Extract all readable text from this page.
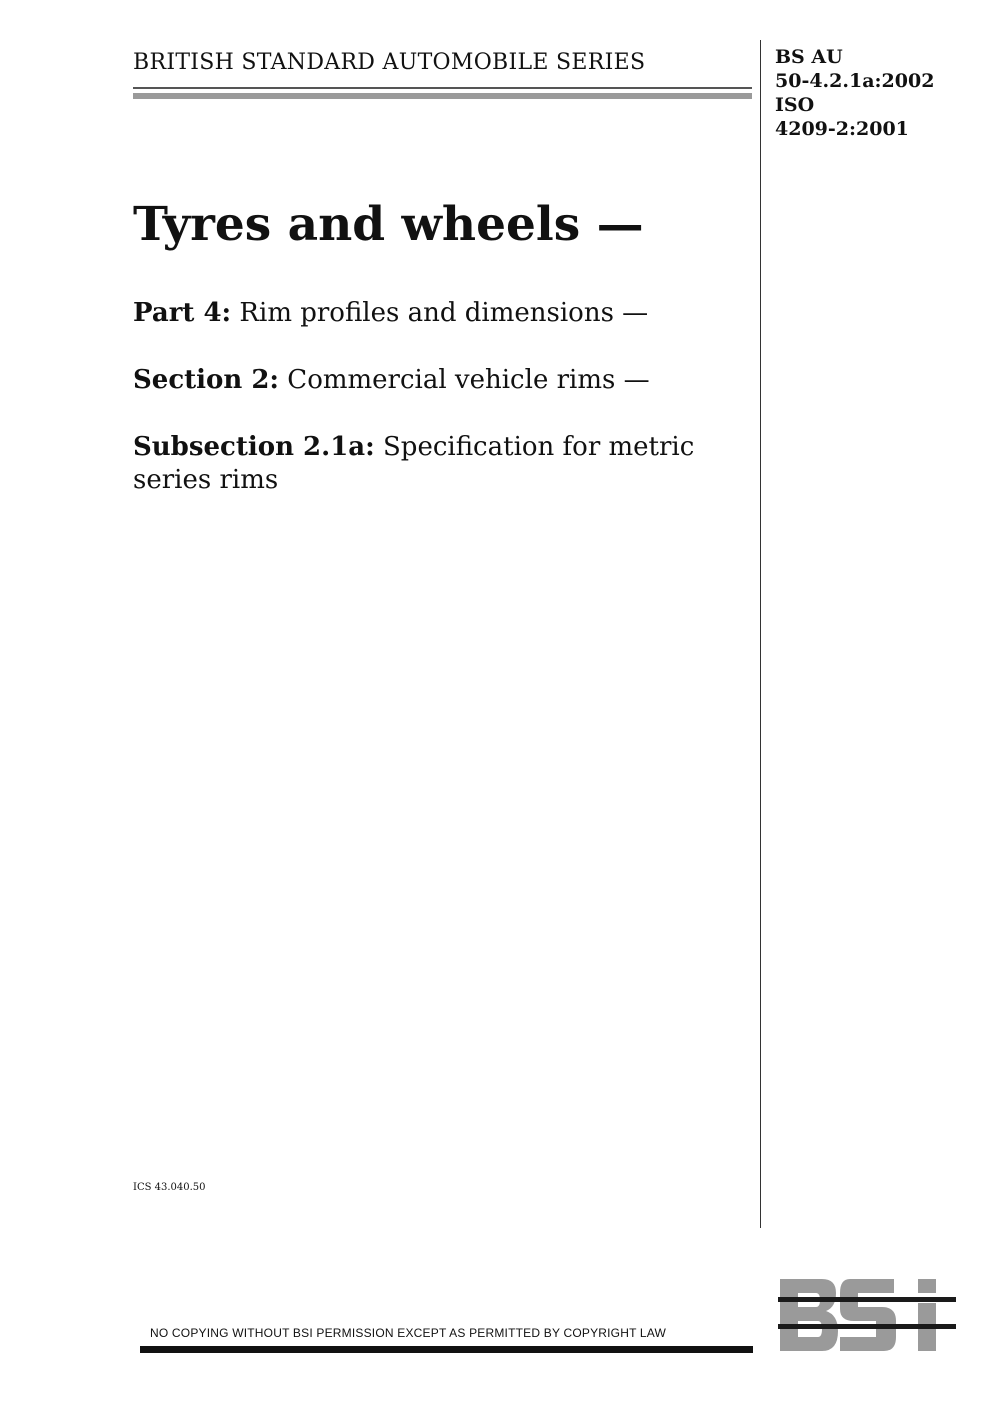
BRITISH STANDARD AUTOMOBILE SERIES	BS AU
50-4.2.1a:2002
ISO
4209-2:2001
Tyres and wheels —
Part 4: Rim profiles and dimensions —
Section 2: Commercial vehicle rims —
Subsection 2.1a: Specification for metric series rims
ICS 43.040.50
NO COPYING WITHOUT BSI PERMISSION EXCEPT AS PERMITTED BY COPYRIGHT LAW
